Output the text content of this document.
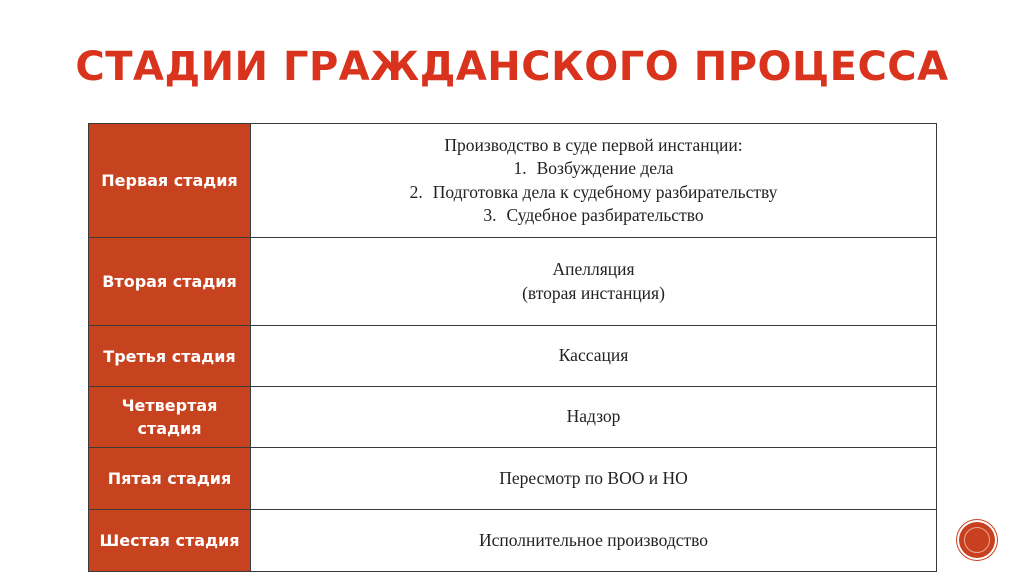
СТАДИИ ГРАЖДАНСКОГО ПРОЦЕССА
Первая стадия	Производство в суде первой инстанции:
1. Возбуждение дела
2. Подготовка дела к судебному разбирательству
3. Судебное разбирательство

Вторая стадия	Апелляция
(вторая инстанция)

Третья стадия	Кассация

Четвертая
стадия	Надзор

Пятая стадия	Пересмотр по ВОО и НО

Шестая стадия	Исполнительное производство
